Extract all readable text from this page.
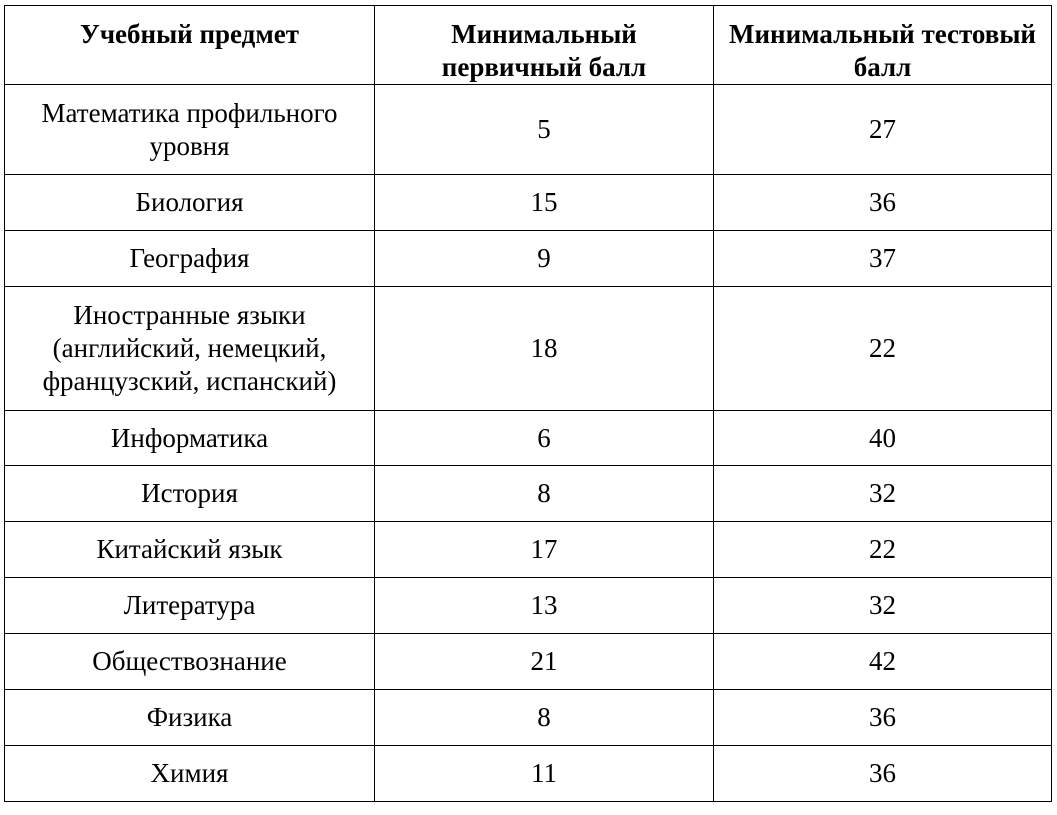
Учебный предмет	Минимальный первичный балл	Минимальный тестовый балл
Математика профильного уровня	5	27
Биология	15	36
География	9	37
Иностранные языки (английский, немецкий, французский, испанский)	18	22
Информатика	6	40
История	8	32
Китайский язык	17	22
Литература	13	32
Обществознание	21	42
Физика	8	36
Химия	11	36
